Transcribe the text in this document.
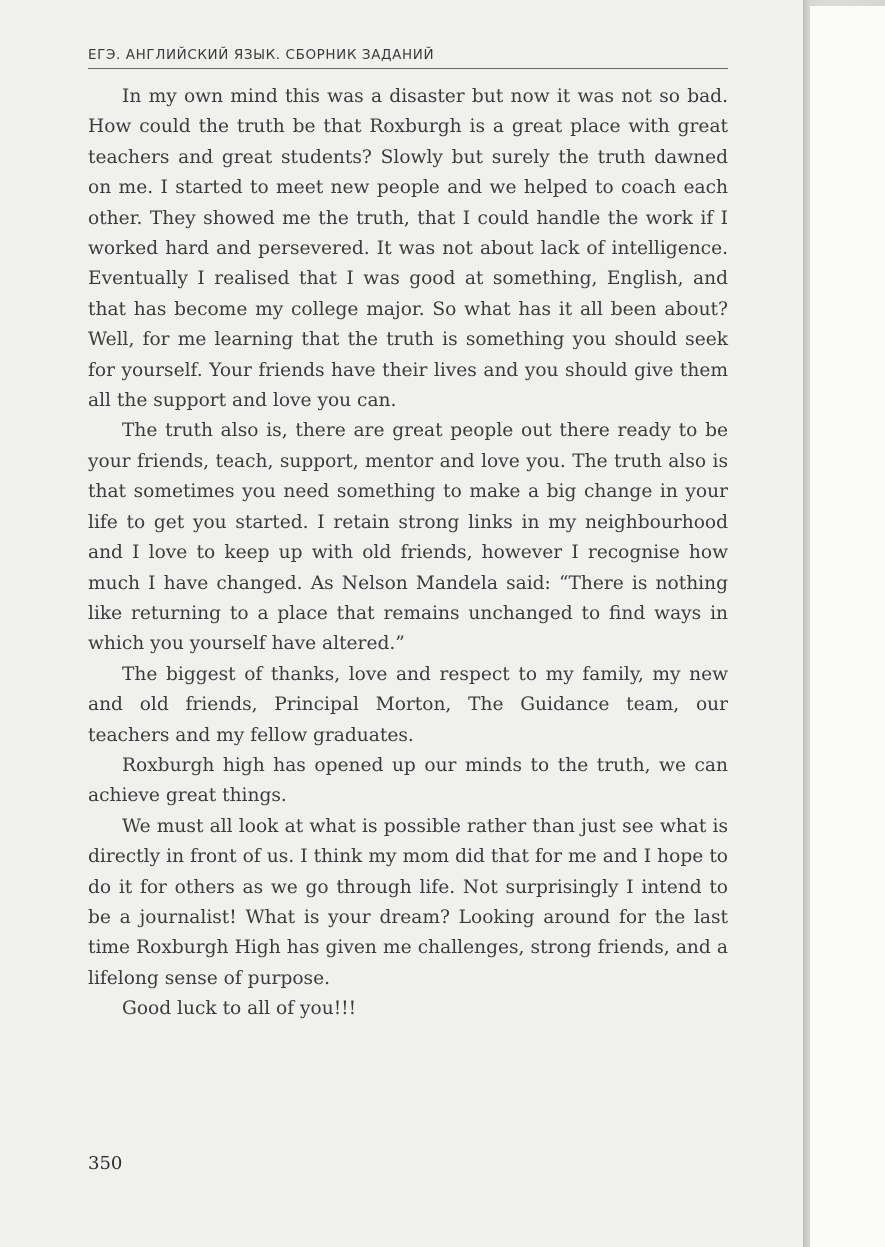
ЕГЭ. АНГЛИЙСКИЙ ЯЗЫК. СБОРНИК ЗАДАНИЙ

In my own mind this was a disaster but now it was not so bad. How could the truth be that Roxburgh is a great place with great teachers and great students? Slowly but surely the truth dawned on me. I started to meet new people and we helped to coach each other. They showed me the truth, that I could handle the work if I worked hard and persevered. It was not about lack of intelligence. Eventually I realised that I was good at something, English, and that has become my college major. So what has it all been about? Well, for me learning that the truth is something you should seek for yourself. Your friends have their lives and you should give them all the support and love you can.

The truth also is, there are great people out there ready to be your friends, teach, support, mentor and love you. The truth also is that sometimes you need something to make a big change in your life to get you started. I retain strong links in my neighbourhood and I love to keep up with old friends, however I recognise how much I have changed. As Nelson Mandela said: “There is nothing like returning to a place that remains unchanged to find ways in which you yourself have altered.”

The biggest of thanks, love and respect to my family, my new and old friends, Principal Morton, The Guidance team, our teachers and my fellow graduates.

Roxburgh high has opened up our minds to the truth, we can achieve great things.

We must all look at what is possible rather than just see what is directly in front of us. I think my mom did that for me and I hope to do it for others as we go through life. Not surprisingly I intend to be a journalist! What is your dream? Looking around for the last time Roxburgh High has given me challenges, strong friends, and a lifelong sense of purpose.

Good luck to all of you!!!

350
